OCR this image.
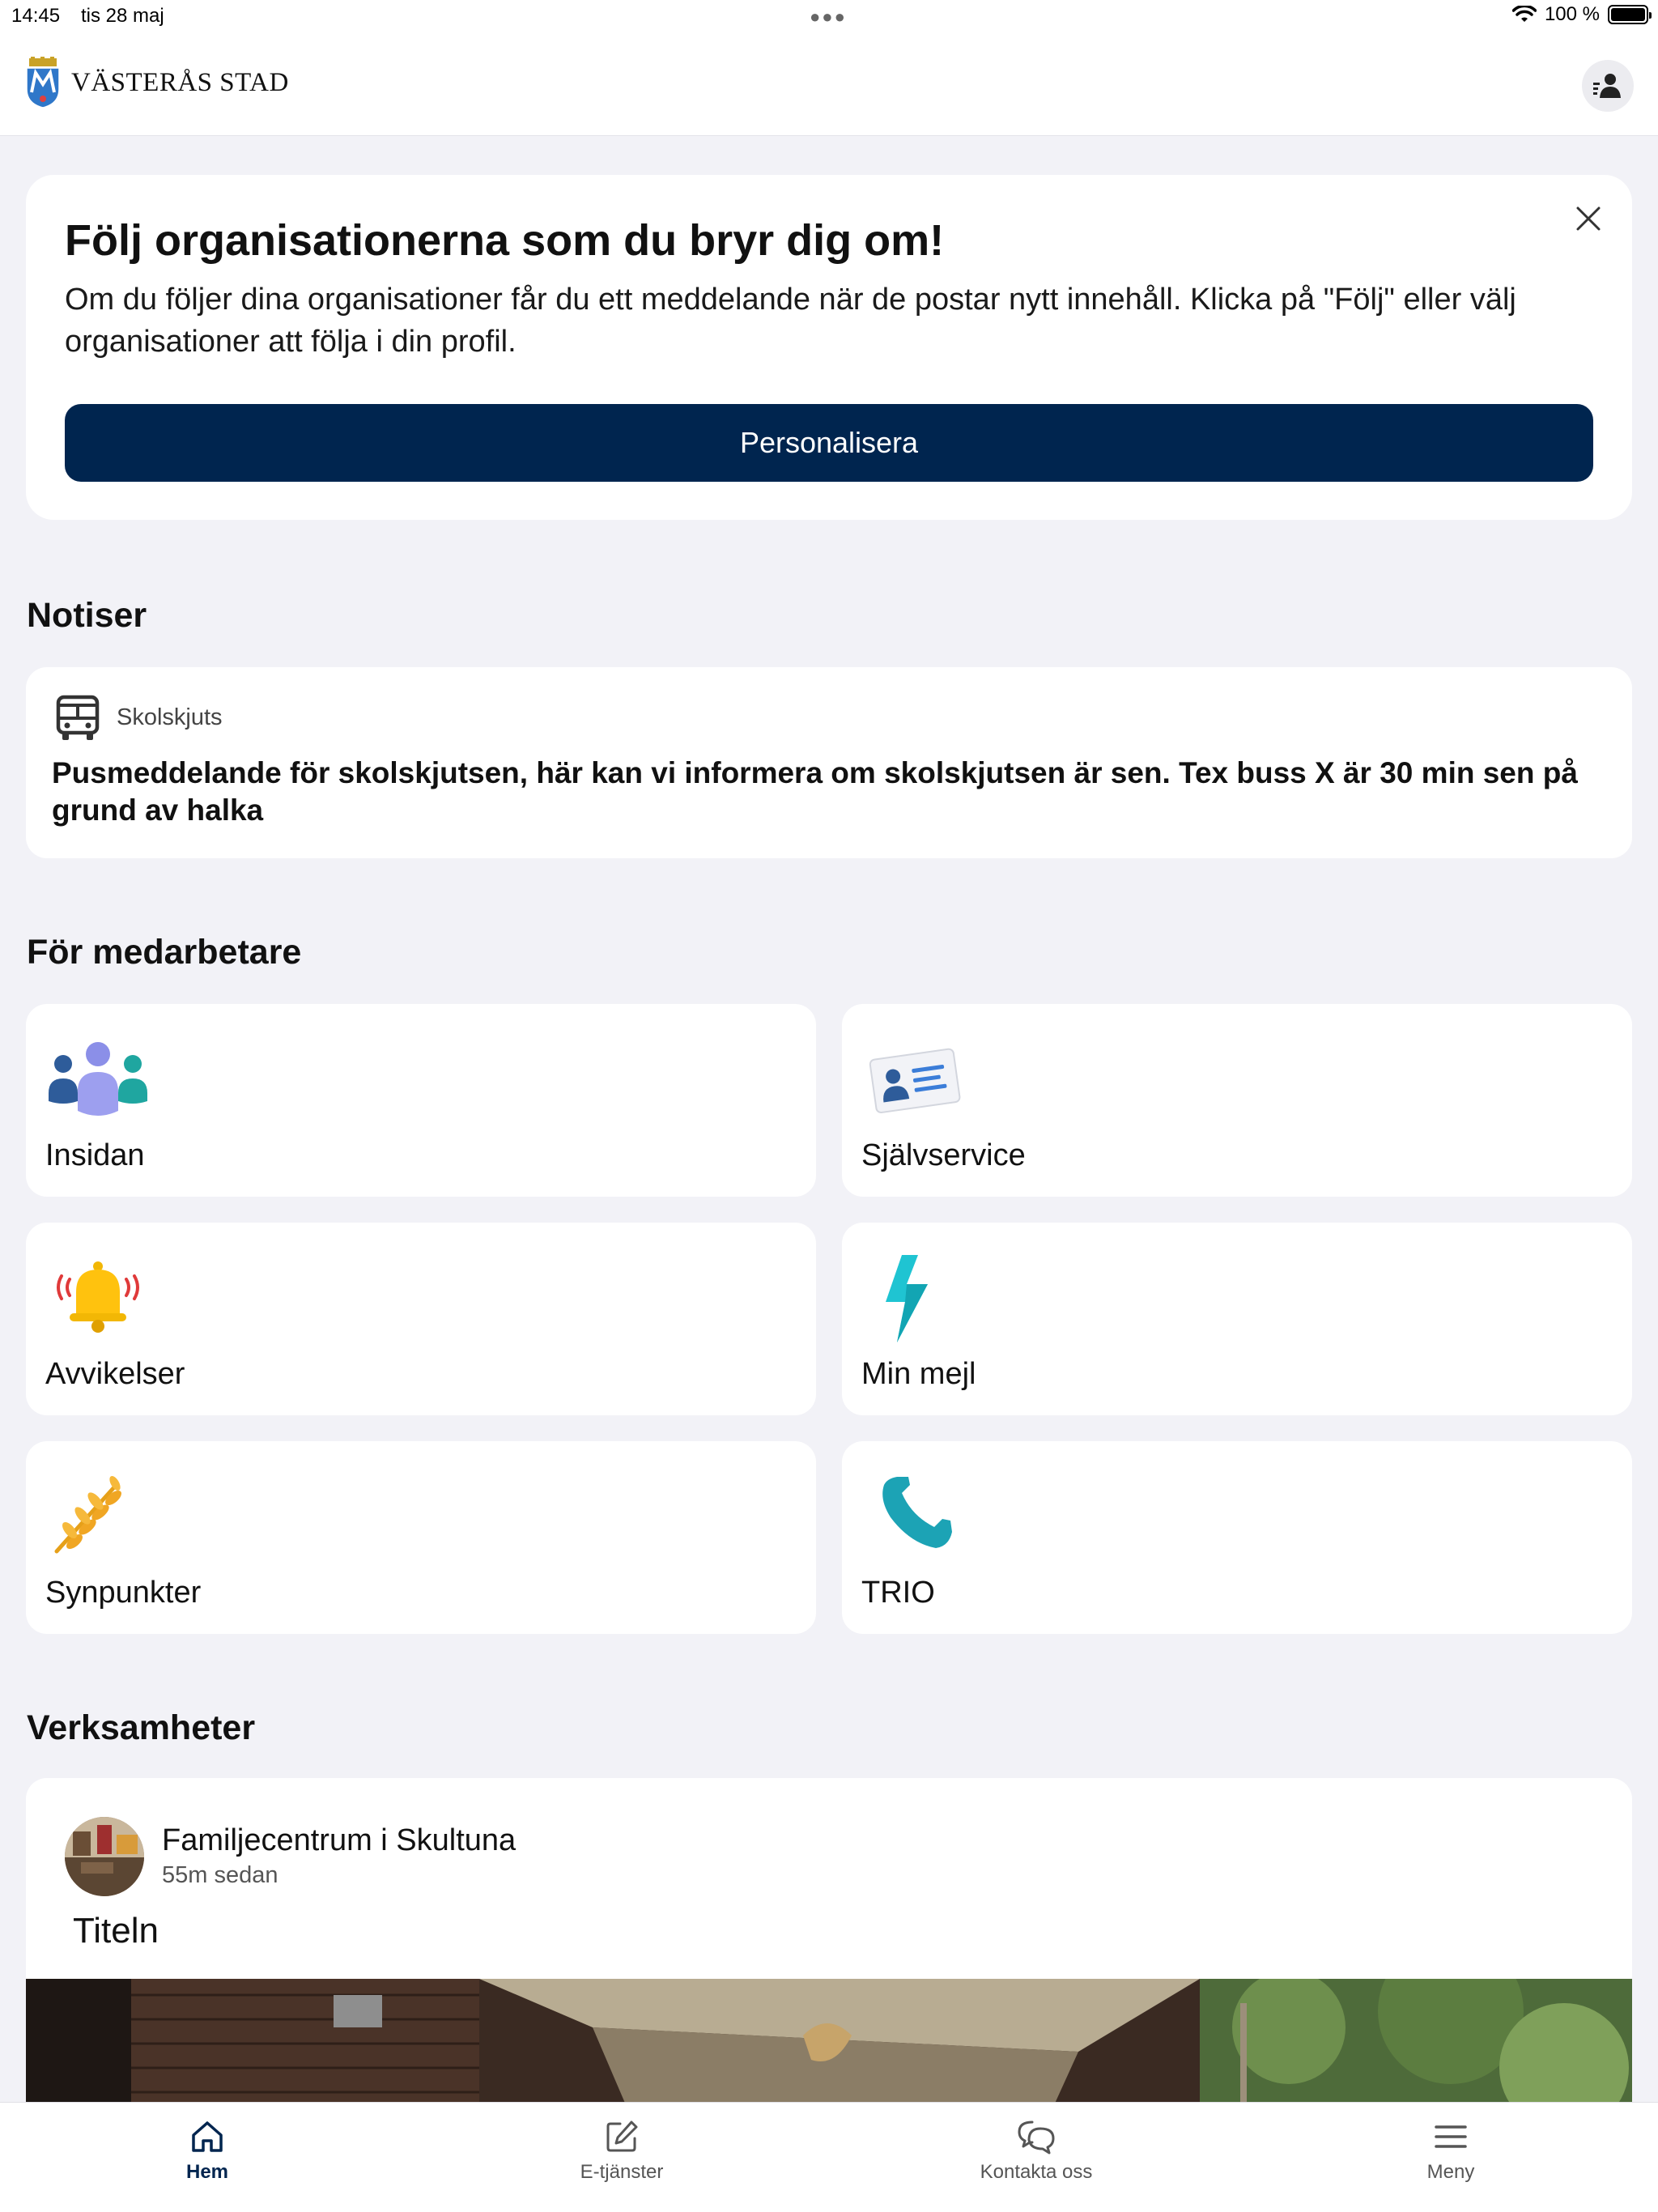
14:45 tis 28 maj	●●●	100 %
VÄSTERÅS STAD
Följ organisationerna som du bryr dig om!
Om du följer dina organisationer får du ett meddelande när de postar nytt innehåll. Klicka på "Följ" eller välj organisationer att följa i din profil.
Personalisera
Notiser
Skolskjuts
Pusmeddelande för skolskjutsen, här kan vi informera om skolskjutsen är sen. Tex buss X är 30 min sen på grund av halka
För medarbetare
Insidan	Självservice
Avvikelser	Min mejl
Synpunkter	TRIO
Verksamheter
Familjecentrum i Skultuna
55m sedan
Titeln
Hem	E-tjänster	Kontakta oss	Meny
